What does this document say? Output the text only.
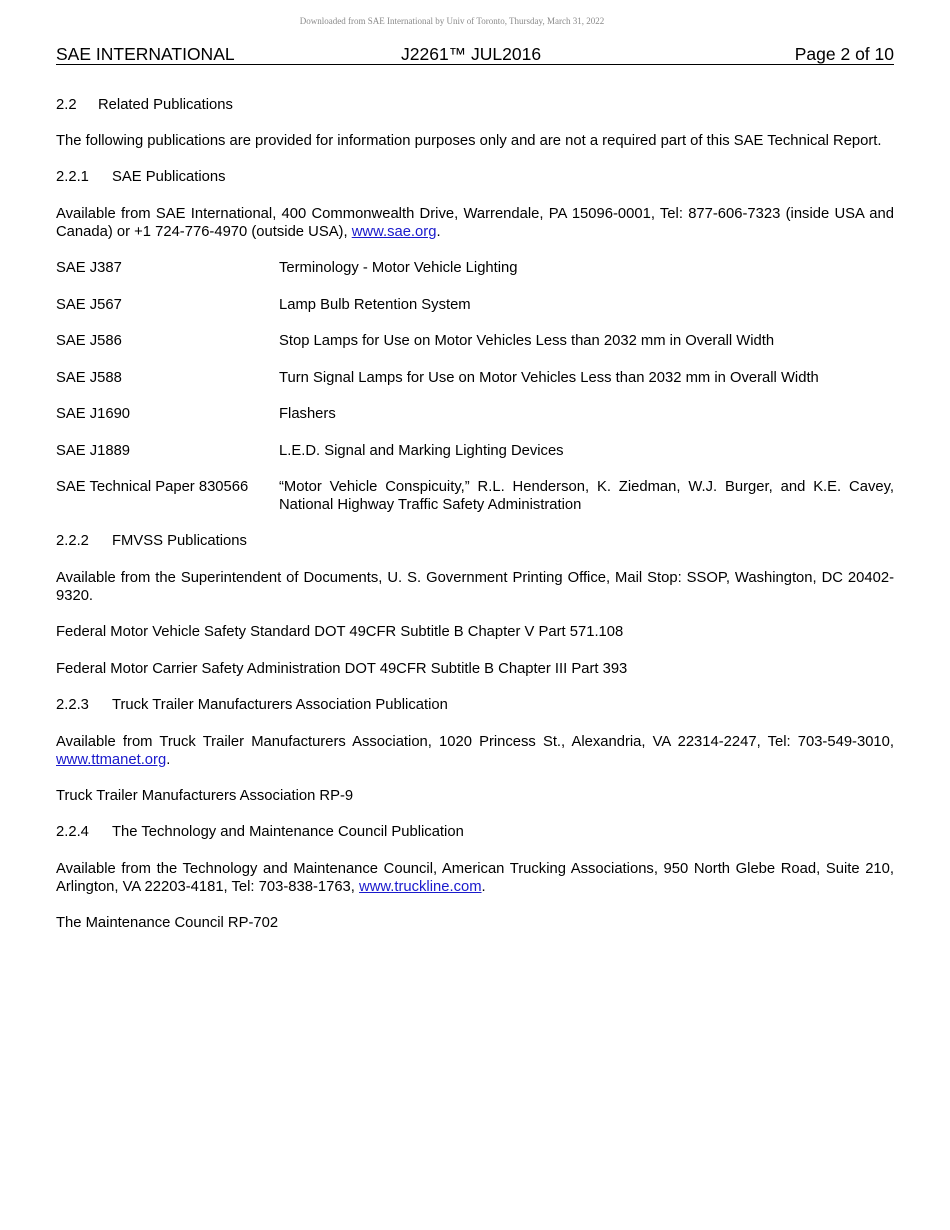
Downloaded from SAE International by Univ of Toronto, Thursday, March 31, 2022
SAE INTERNATIONAL	J2261™ JUL2016	Page 2 of 10
2.2 Related Publications

The following publications are provided for information purposes only and are not a required part of this SAE Technical Report.

2.2.1 SAE Publications

Available from SAE International, 400 Commonwealth Drive, Warrendale, PA 15096-0001, Tel: 877-606-7323 (inside USA and Canada) or +1 724-776-4970 (outside USA), www.sae.org.

SAE J387	Terminology - Motor Vehicle Lighting
SAE J567	Lamp Bulb Retention System
SAE J586	Stop Lamps for Use on Motor Vehicles Less than 2032 mm in Overall Width
SAE J588	Turn Signal Lamps for Use on Motor Vehicles Less than 2032 mm in Overall Width
SAE J1690	Flashers
SAE J1889	L.E.D. Signal and Marking Lighting Devices
SAE Technical Paper 830566	“Motor Vehicle Conspicuity,” R.L. Henderson, K. Ziedman, W.J. Burger, and K.E. Cavey, National Highway Traffic Safety Administration
2.2.2 FMVSS Publications

Available from the Superintendent of Documents, U. S. Government Printing Office, Mail Stop: SSOP, Washington, DC 20402-9320.

Federal Motor Vehicle Safety Standard DOT 49CFR Subtitle B Chapter V Part 571.108

Federal Motor Carrier Safety Administration DOT 49CFR Subtitle B Chapter III Part 393

2.2.3 Truck Trailer Manufacturers Association Publication

Available from Truck Trailer Manufacturers Association, 1020 Princess St., Alexandria, VA 22314-2247, Tel: 703-549-3010, www.ttmanet.org.

Truck Trailer Manufacturers Association RP-9

2.2.4 The Technology and Maintenance Council Publication

Available from the Technology and Maintenance Council, American Trucking Associations, 950 North Glebe Road, Suite 210, Arlington, VA 22203-4181, Tel: 703-838-1763, www.truckline.com.

The Maintenance Council RP-702
